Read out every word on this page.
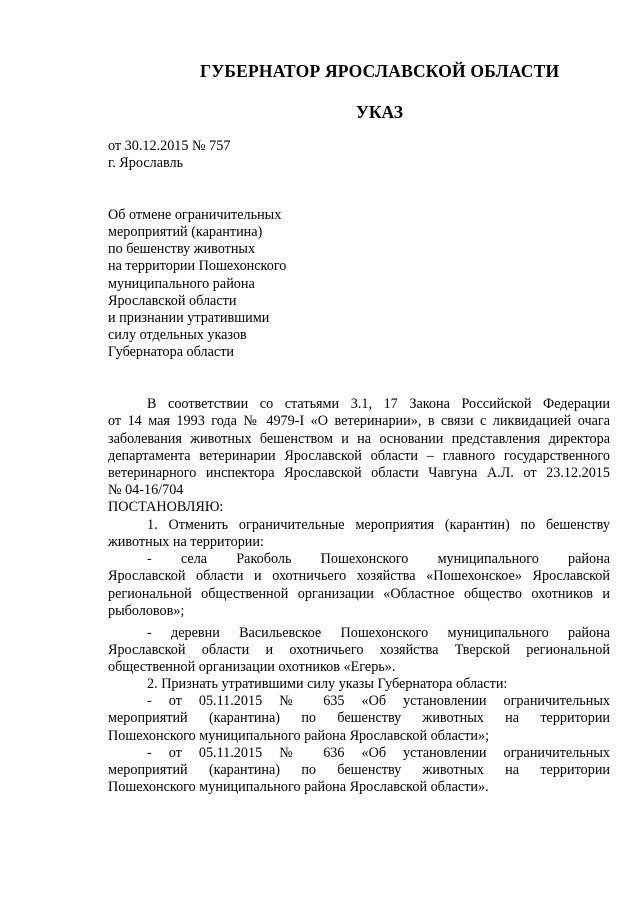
ГУБЕРНАТОР ЯРОСЛАВСКОЙ ОБЛАСТИ
УКАЗ
от 30.12.2015 № 757
г. Ярославль
Об отмене ограничительных
мероприятий (карантина)
по бешенству животных
на территории Пошехонского
муниципального района
Ярославской области
и признании утратившими
силу отдельных указов
Губернатора области
В соответствии со статьями 3.1, 17 Закона Российской Федерации
от 14 мая 1993 года № 4979-I «О ветеринарии», в связи с ликвидацией очага
заболевания животных бешенством и на основании представления директора
департамента ветеринарии Ярославской области – главного государственного
ветеринарного инспектора Ярославской области Чавгуна А.Л. от 23.12.2015
№ 04-16/704
ПОСТАНОВЛЯЮ:
1. Отменить ограничительные мероприятия (карантин) по бешенству
животных на территории:
- села Ракоболь Пошехонского муниципального района
Ярославской области и охотничьего хозяйства «Пошехонское» Ярославской
региональной общественной организации «Областное общество охотников и
рыболовов»;
- деревни Васильевское Пошехонского муниципального района
Ярославской области и охотничьего хозяйства Тверской региональной
общественной организации охотников «Егерь».
2. Признать утратившими силу указы Губернатора области:
- от 05.11.2015 № 635 «Об установлении ограничительных
мероприятий (карантина) по бешенству животных на территории
Пошехонского муниципального района Ярославской области»;
- от 05.11.2015 № 636 «Об установлении ограничительных
мероприятий (карантина) по бешенству животных на территории
Пошехонского муниципального района Ярославской области».
